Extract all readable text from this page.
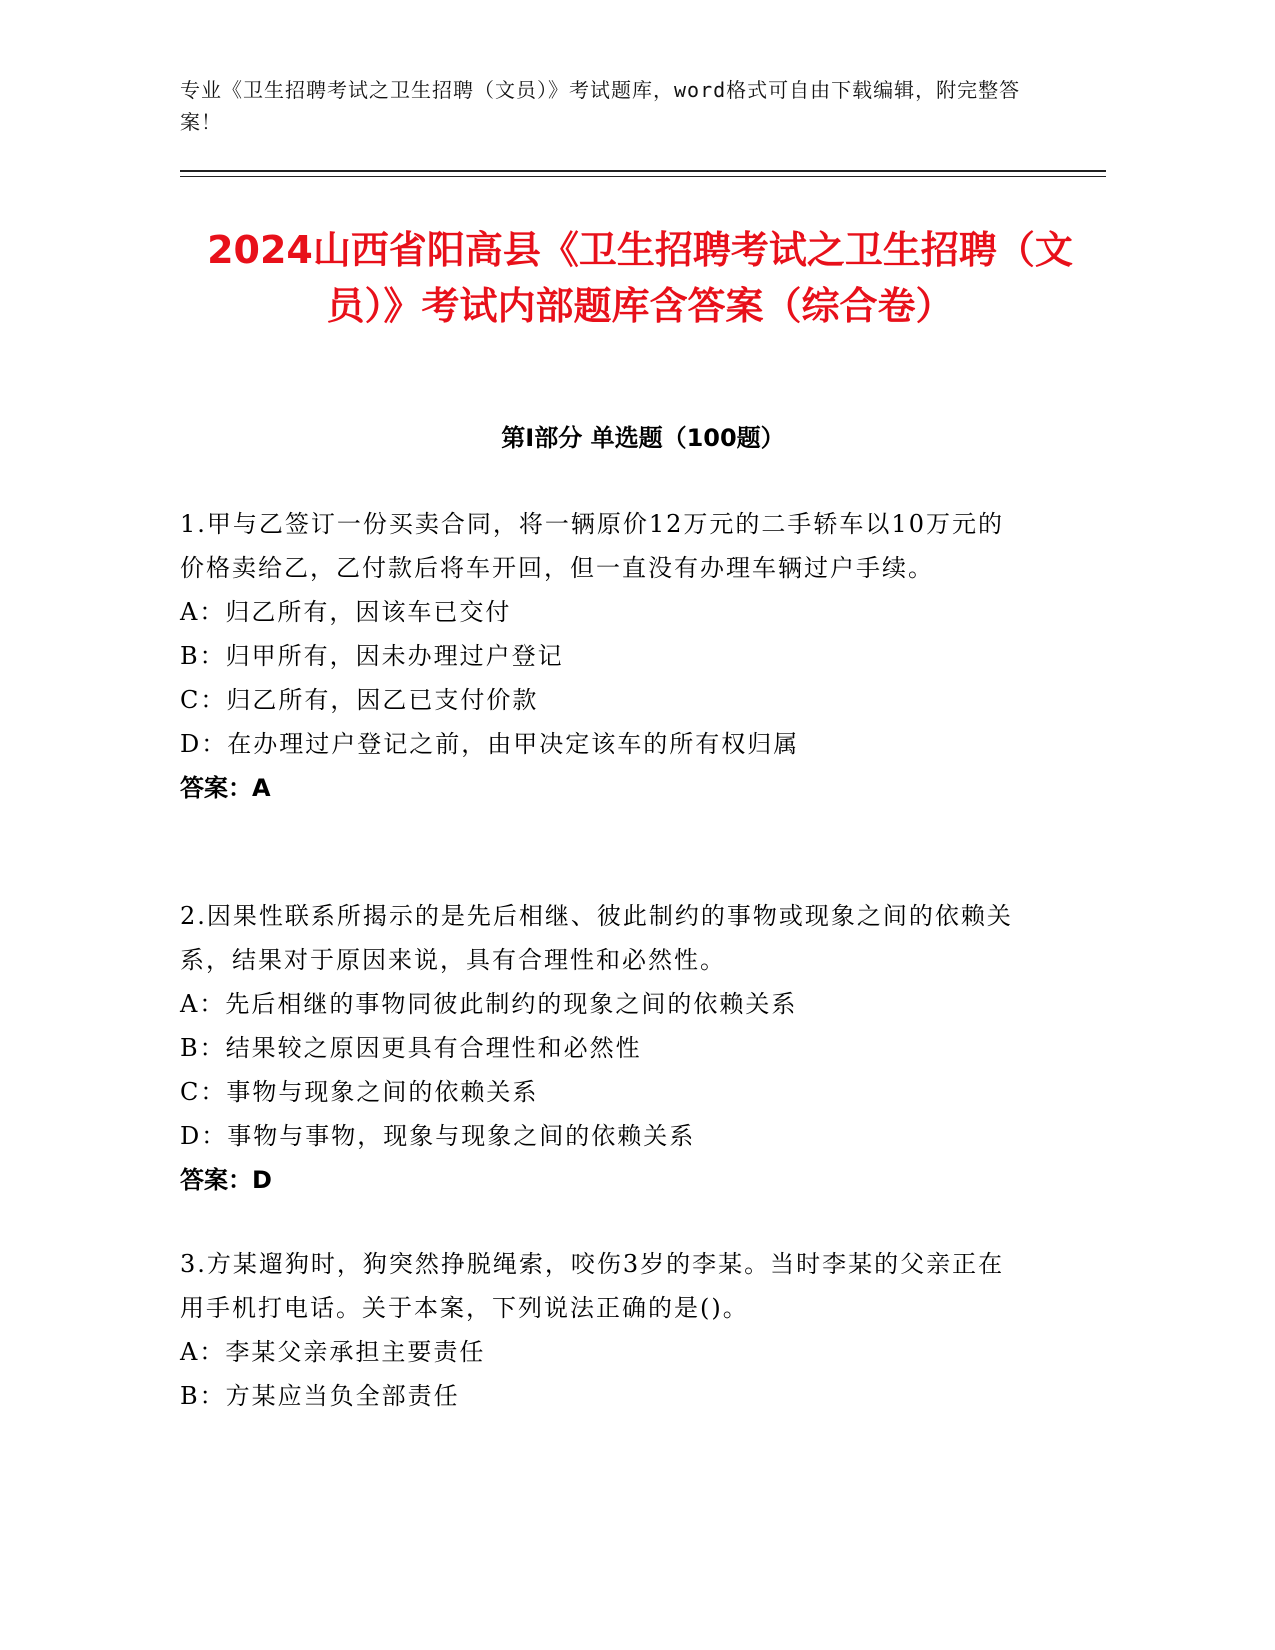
专业《卫生招聘考试之卫生招聘（文员）》考试题库，word格式可自由下载编辑，附完整答案！
2024山西省阳高县《卫生招聘考试之卫生招聘（文员）》考试内部题库含答案（综合卷）
第I部分 单选题（100题）
1.甲与乙签订一份买卖合同，将一辆原价12万元的二手轿车以10万元的价格卖给乙，乙付款后将车开回，但一直没有办理车辆过户手续。
A：归乙所有，因该车已交付
B：归甲所有，因未办理过户登记
C：归乙所有，因乙已支付价款
D：在办理过户登记之前，由甲决定该车的所有权归属
答案：A
2.因果性联系所揭示的是先后相继、彼此制约的事物或现象之间的依赖关系，结果对于原因来说，具有合理性和必然性。
A：先后相继的事物同彼此制约的现象之间的依赖关系
B：结果较之原因更具有合理性和必然性
C：事物与现象之间的依赖关系
D：事物与事物，现象与现象之间的依赖关系
答案：D
3.方某遛狗时，狗突然挣脱绳索，咬伤3岁的李某。当时李某的父亲正在用手机打电话。关于本案，下列说法正确的是()。
A：李某父亲承担主要责任
B：方某应当负全部责任
